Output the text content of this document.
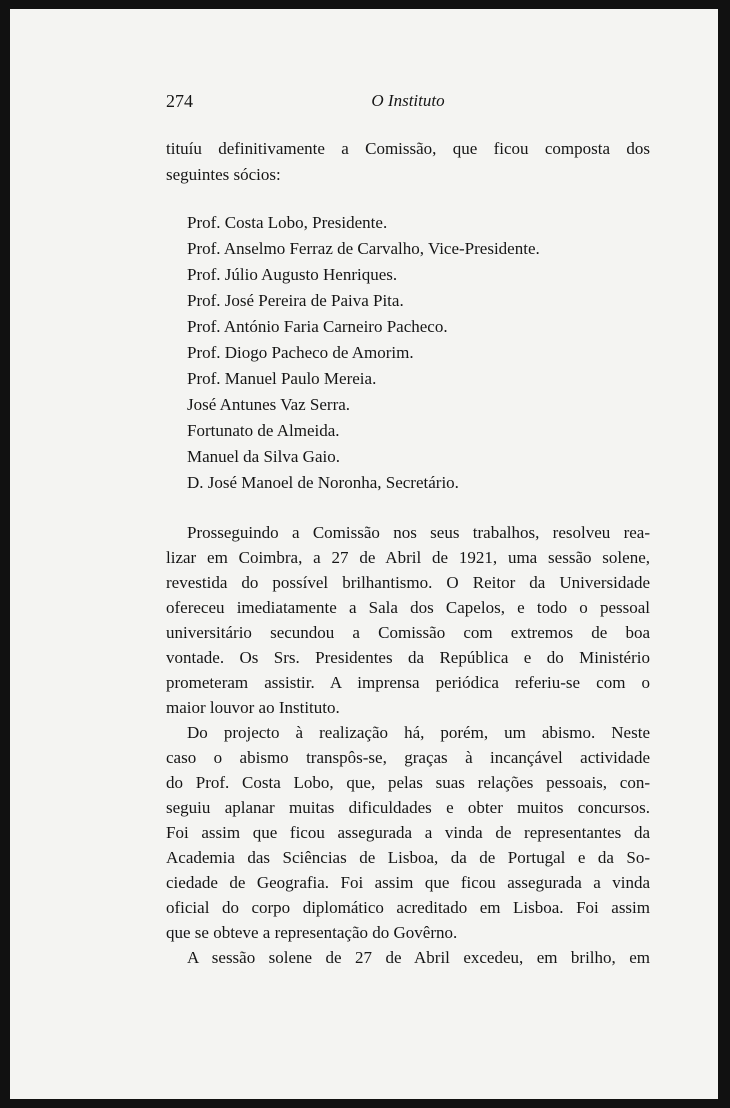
274	O Instituto
tituíu definitivamente a Comissão, que ficou composta dos
seguintes sócios:
Prof. Costa Lobo, Presidente.
Prof. Anselmo Ferraz de Carvalho, Vice-Presidente.
Prof. Júlio Augusto Henriques.
Prof. José Pereira de Paiva Pita.
Prof. António Faria Carneiro Pacheco.
Prof. Diogo Pacheco de Amorim.
Prof. Manuel Paulo Mereia.
José Antunes Vaz Serra.
Fortunato de Almeida.
Manuel da Silva Gaio.
D. José Manoel de Noronha, Secretário.
Prosseguindo a Comissão nos seus trabalhos, resolveu rea-
lizar em Coimbra, a 27 de Abril de 1921, uma sessão solene,
revestida do possível brilhantismo. O Reitor da Universidade
ofereceu imediatamente a Sala dos Capelos, e todo o pessoal
universitário secundou a Comissão com extremos de boa
vontade. Os Srs. Presidentes da República e do Ministério
prometeram assistir. A imprensa periódica referiu-se com o
maior louvor ao Instituto.
Do projecto à realização há, porém, um abismo. Neste
caso o abismo transpôs-se, graças à incançável actividade
do Prof. Costa Lobo, que, pelas suas relações pessoais, con-
seguiu aplanar muitas dificuldades e obter muitos concursos.
Foi assim que ficou assegurada a vinda de representantes da
Academia das Sciências de Lisboa, da de Portugal e da So-
ciedade de Geografia. Foi assim que ficou assegurada a vinda
oficial do corpo diplomático acreditado em Lisboa. Foi assim
que se obteve a representação do Govêrno.
A sessão solene de 27 de Abril excedeu, em brilho, em
